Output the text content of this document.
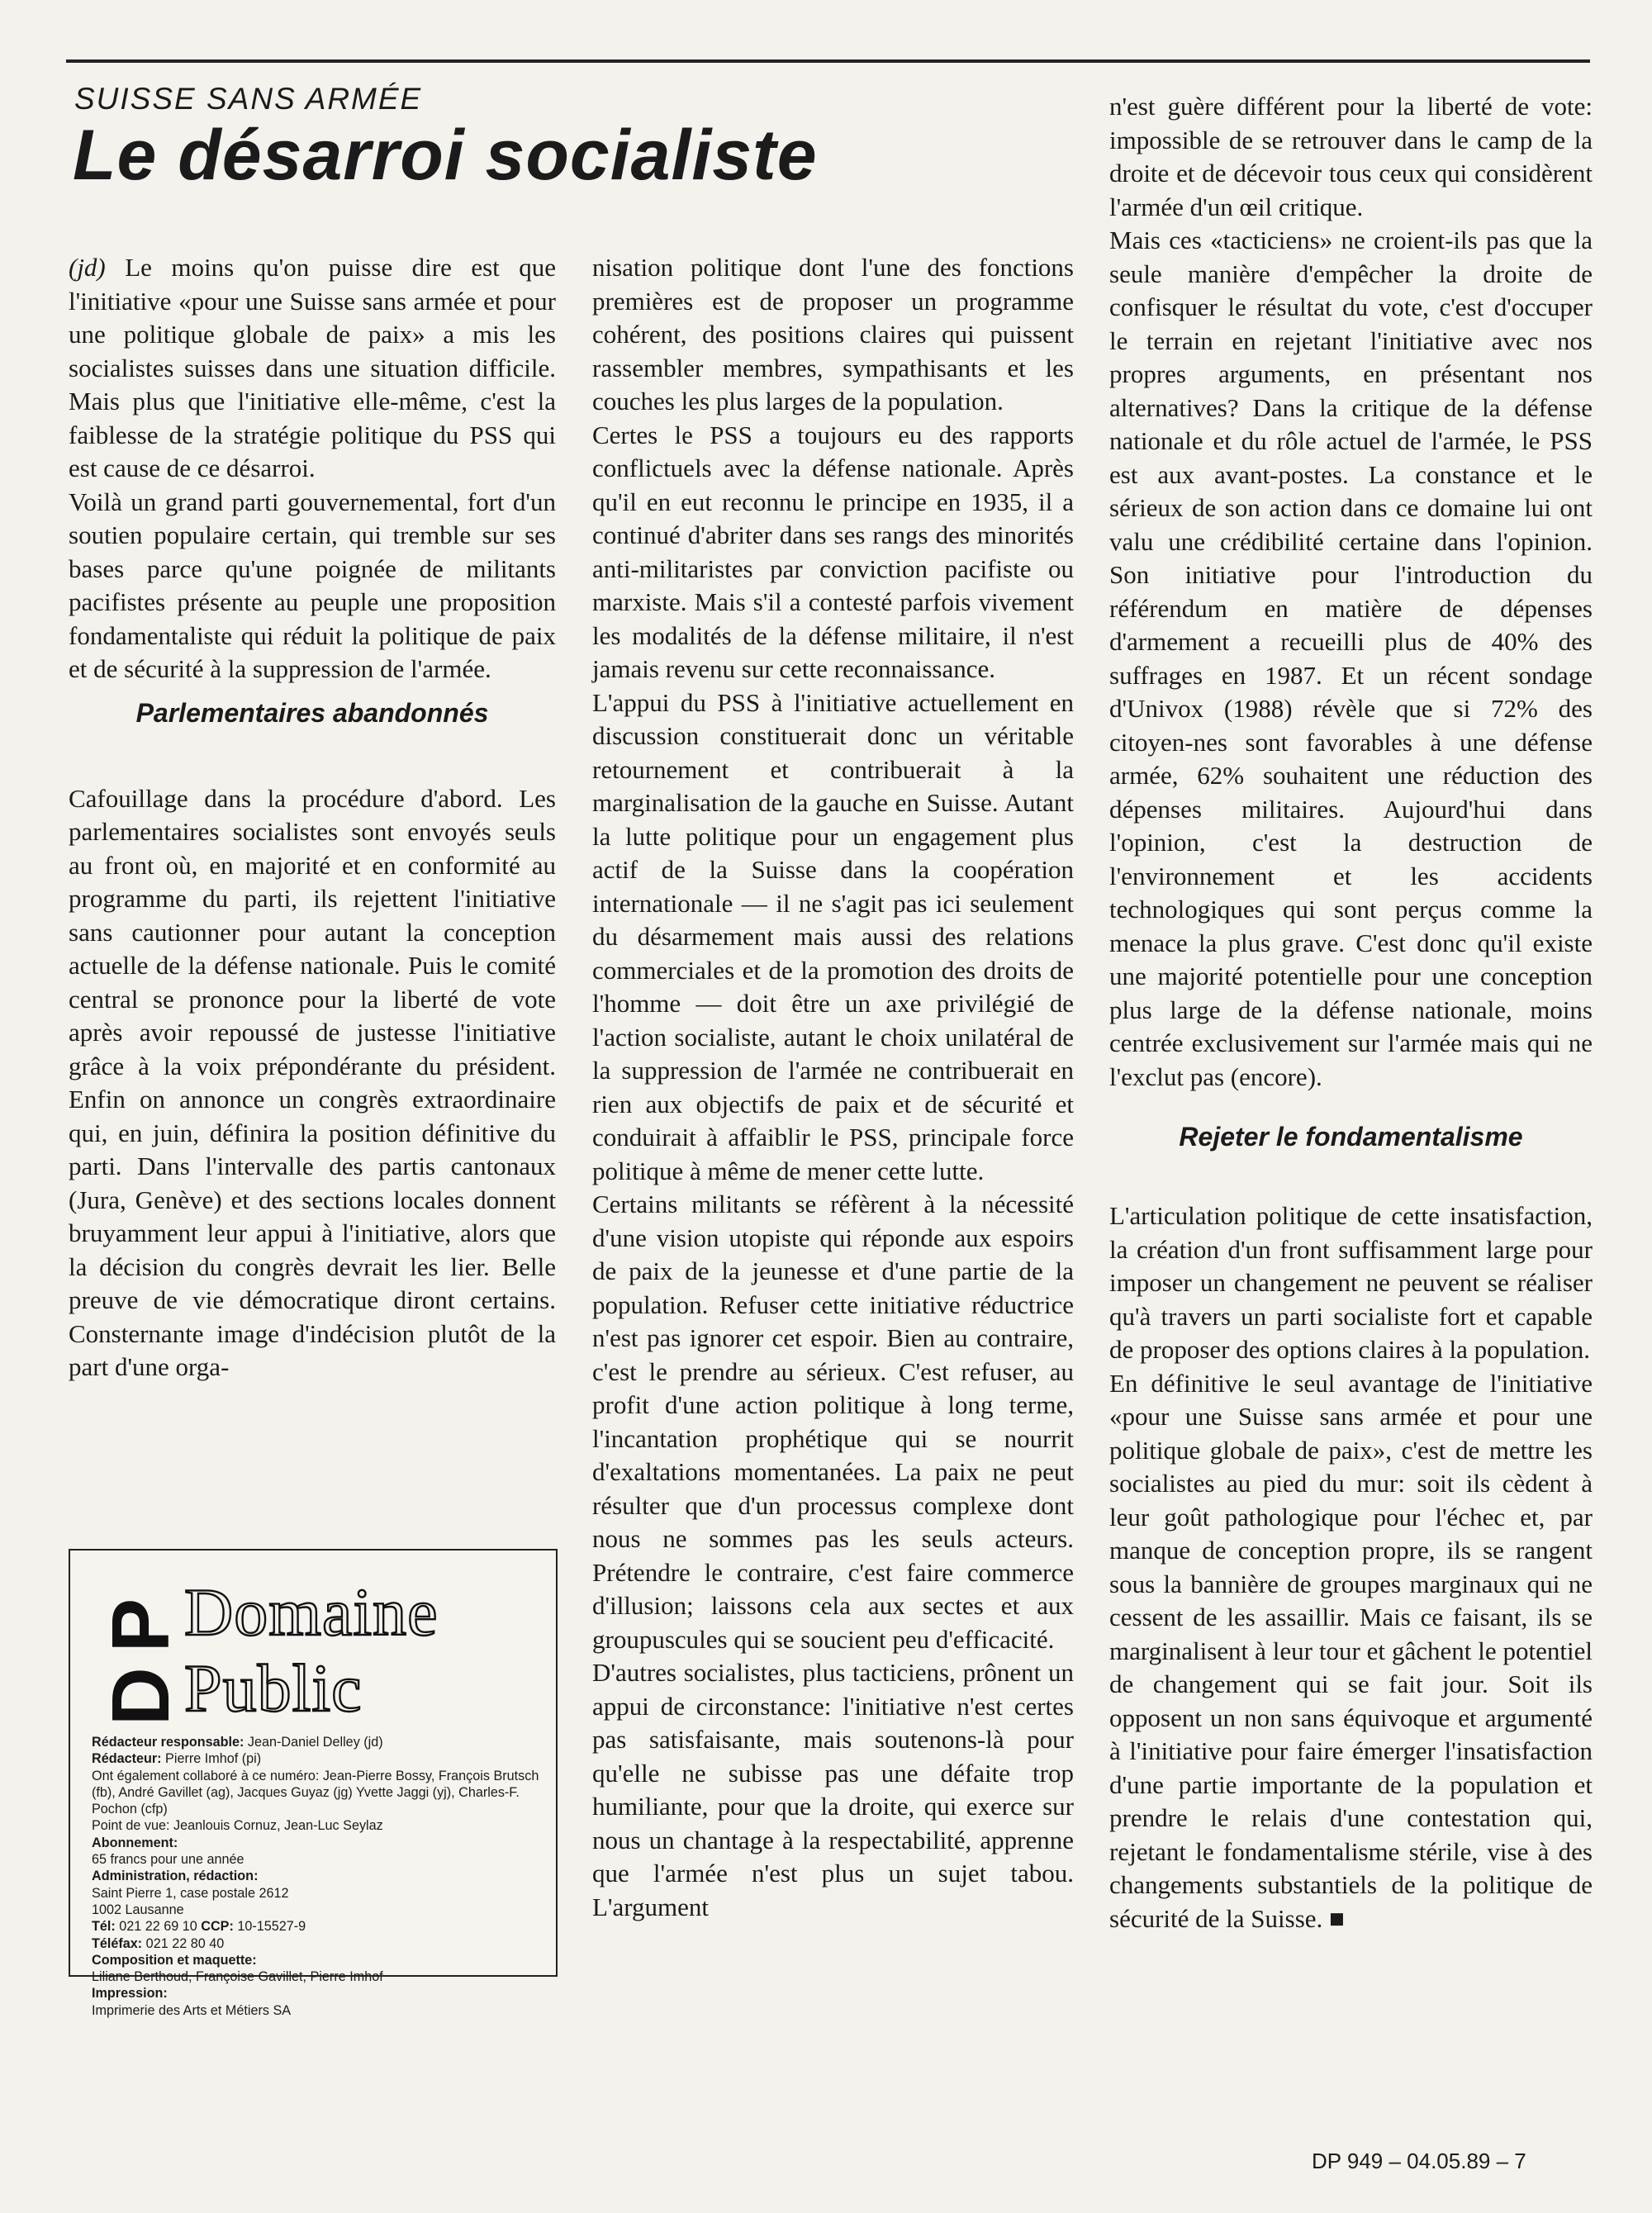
SUISSE SANS ARMÉE

Le désarroi socialiste

(jd) Le moins qu'on puisse dire est que l'initiative «pour une Suisse sans armée et pour une politique globale de paix» a mis les socialistes suisses dans une situation difficile. Mais plus que l'initiative elle-même, c'est la faiblesse de la stratégie politique du PSS qui est cause de ce désarroi.

Voilà un grand parti gouvernemental, fort d'un soutien populaire certain, qui tremble sur ses bases parce qu'une poignée de militants pacifistes présente au peuple une proposition fondamentaliste qui réduit la politique de paix et de sécurité à la suppression de l'armée.

Parlementaires abandonnés

Cafouillage dans la procédure d'abord. Les parlementaires socialistes sont envoyés seuls au front où, en majorité et en conformité au programme du parti, ils rejettent l'initiative sans cautionner pour autant la conception actuelle de la défense nationale. Puis le comité central se prononce pour la liberté de vote après avoir repoussé de justesse l'initiative grâce à la voix prépondérante du président. Enfin on annonce un congrès extraordinaire qui, en juin, définira la position définitive du parti. Dans l'intervalle des partis cantonaux (Jura, Genève) et des sections locales donnent bruyamment leur appui à l'initiative, alors que la décision du congrès devrait les lier. Belle preuve de vie démocratique diront certains. Consternante image d'indécision plutôt de la part d'une orga-

DP

Domaine

Public

Rédacteur responsable: Jean-Daniel Delley (jd)
Rédacteur: Pierre Imhof (pi)
Ont également collaboré à ce numéro: Jean-Pierre Bossy, François Brutsch (fb), André Gavillet (ag), Jacques Guyaz (jg) Yvette Jaggi (yj), Charles-F. Pochon (cfp)
Point de vue: Jeanlouis Cornuz, Jean-Luc Seylaz
Abonnement:
65 francs pour une année
Administration, rédaction:
Saint Pierre 1, case postale 2612
1002 Lausanne
Tél: 021 22 69 10 CCP: 10-15527-9
Téléfax: 021 22 80 40
Composition et maquette:
Liliane Berthoud, Françoise Gavillet, Pierre Imhof
Impression:
Imprimerie des Arts et Métiers SA

nisation politique dont l'une des fonctions premières est de proposer un programme cohérent, des positions claires qui puissent rassembler membres, sympathisants et les couches les plus larges de la population.

Certes le PSS a toujours eu des rapports conflictuels avec la défense nationale. Après qu'il en eut reconnu le principe en 1935, il a continué d'abriter dans ses rangs des minorités anti-militaristes par conviction pacifiste ou marxiste. Mais s'il a contesté parfois vivement les modalités de la défense militaire, il n'est jamais revenu sur cette reconnaissance.

L'appui du PSS à l'initiative actuellement en discussion constituerait donc un véritable retournement et contribuerait à la marginalisation de la gauche en Suisse. Autant la lutte politique pour un engagement plus actif de la Suisse dans la coopération internationale — il ne s'agit pas ici seulement du désarmement mais aussi des relations commerciales et de la promotion des droits de l'homme — doit être un axe privilégié de l'action socialiste, autant le choix unilatéral de la suppression de l'armée ne contribuerait en rien aux objectifs de paix et de sécurité et conduirait à affaiblir le PSS, principale force politique à même de mener cette lutte.

Certains militants se réfèrent à la nécessité d'une vision utopiste qui réponde aux espoirs de paix de la jeunesse et d'une partie de la population. Refuser cette initiative réductrice n'est pas ignorer cet espoir. Bien au contraire, c'est le prendre au sérieux. C'est refuser, au profit d'une action politique à long terme, l'incantation prophétique qui se nourrit d'exaltations momentanées. La paix ne peut résulter que d'un processus complexe dont nous ne sommes pas les seuls acteurs. Prétendre le contraire, c'est faire commerce d'illusion; laissons cela aux sectes et aux groupuscules qui se soucient peu d'efficacité.

D'autres socialistes, plus tacticiens, prônent un appui de circonstance: l'initiative n'est certes pas satisfaisante, mais soutenons-là pour qu'elle ne subisse pas une défaite trop humiliante, pour que la droite, qui exerce sur nous un chantage à la respectabilité, apprenne que l'armée n'est plus un sujet tabou. L'argument

n'est guère différent pour la liberté de vote: impossible de se retrouver dans le camp de la droite et de décevoir tous ceux qui considèrent l'armée d'un œil critique.

Mais ces «tacticiens» ne croient-ils pas que la seule manière d'empêcher la droite de confisquer le résultat du vote, c'est d'occuper le terrain en rejetant l'initiative avec nos propres arguments, en présentant nos alternatives? Dans la critique de la défense nationale et du rôle actuel de l'armée, le PSS est aux avant-postes. La constance et le sérieux de son action dans ce domaine lui ont valu une crédibilité certaine dans l'opinion. Son initiative pour l'introduction du référendum en matière de dépenses d'armement a recueilli plus de 40% des suffrages en 1987. Et un récent sondage d'Univox (1988) révèle que si 72% des citoyen-nes sont favorables à une défense armée, 62% souhaitent une réduction des dépenses militaires. Aujourd'hui dans l'opinion, c'est la destruction de l'environnement et les accidents technologiques qui sont perçus comme la menace la plus grave. C'est donc qu'il existe une majorité potentielle pour une conception plus large de la défense nationale, moins centrée exclusivement sur l'armée mais qui ne l'exclut pas (encore).

Rejeter le fondamentalisme

L'articulation politique de cette insatisfaction, la création d'un front suffisamment large pour imposer un changement ne peuvent se réaliser qu'à travers un parti socialiste fort et capable de proposer des options claires à la population.

En définitive le seul avantage de l'initiative «pour une Suisse sans armée et pour une politique globale de paix», c'est de mettre les socialistes au pied du mur: soit ils cèdent à leur goût pathologique pour l'échec et, par manque de conception propre, ils se rangent sous la bannière de groupes marginaux qui ne cessent de les assaillir. Mais ce faisant, ils se marginalisent à leur tour et gâchent le potentiel de changement qui se fait jour. Soit ils opposent un non sans équivoque et argumenté à l'initiative pour faire émerger l'insatisfaction d'une partie importante de la population et prendre le relais d'une contestation qui, rejetant le fondamentalisme stérile, vise à des changements substantiels de la politique de sécurité de la Suisse. ■

DP 949 – 04.05.89 – 7
